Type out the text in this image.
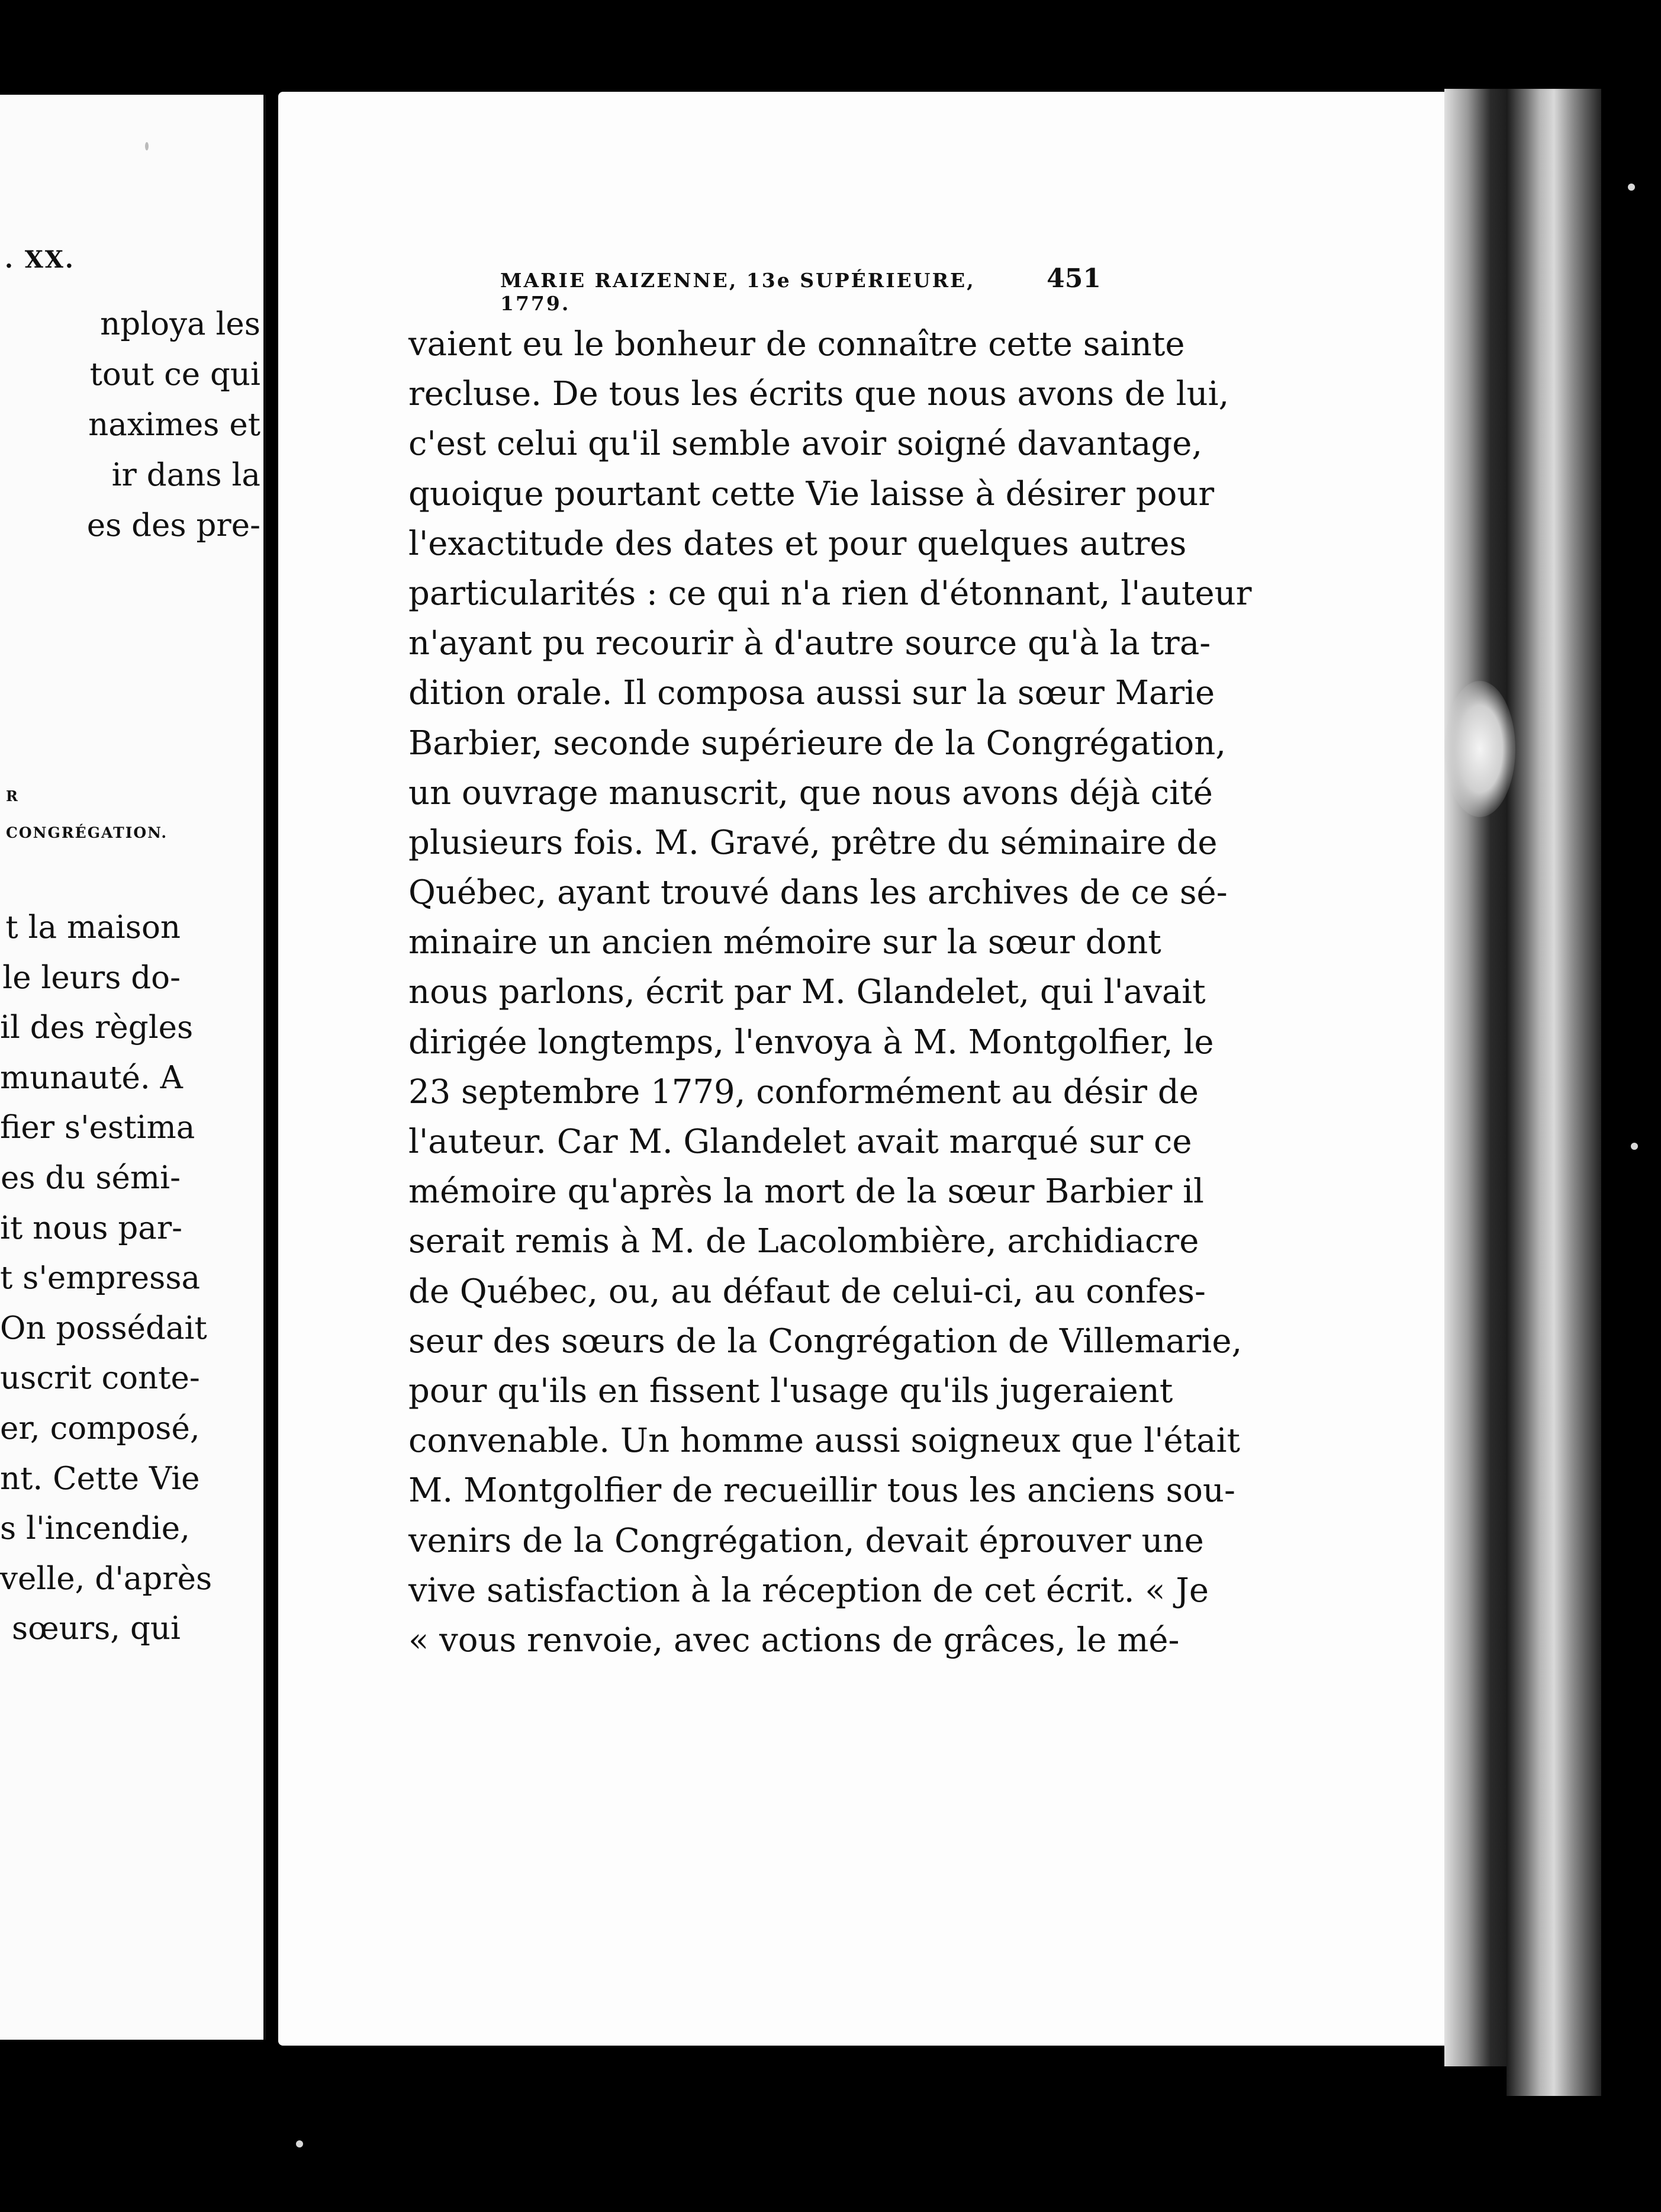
. XX.
nploya les
tout ce qui
naximes et
ir dans la
es des pre-
R
CONGRÉGATION.
t la maison
le leurs do-
il des règles
munauté. A
fier s'estima
es du sémi-
it nous par-
t s'empressa
On possédait
uscrit conte-
er, composé,
nt. Cette Vie
s l'incendie,
velle, d'après
sœurs, qui
MARIE RAIZENNE, 13e SUPÉRIEURE, 1779.
451
vaient eu le bonheur de connaître cette sainte
recluse. De tous les écrits que nous avons de lui,
c'est celui qu'il semble avoir soigné davantage,
quoique pourtant cette Vie laisse à désirer pour
l'exactitude des dates et pour quelques autres
particularités : ce qui n'a rien d'étonnant, l'auteur
n'ayant pu recourir à d'autre source qu'à la tra-
dition orale. Il composa aussi sur la sœur Marie
Barbier, seconde supérieure de la Congrégation,
un ouvrage manuscrit, que nous avons déjà cité
plusieurs fois. M. Gravé, prêtre du séminaire de
Québec, ayant trouvé dans les archives de ce sé-
minaire un ancien mémoire sur la sœur dont
nous parlons, écrit par M. Glandelet, qui l'avait
dirigée longtemps, l'envoya à M. Montgolfier, le
23 septembre 1779, conformément au désir de
l'auteur. Car M. Glandelet avait marqué sur ce
mémoire qu'après la mort de la sœur Barbier il
serait remis à M. de Lacolombière, archidiacre
de Québec, ou, au défaut de celui-ci, au confes-
seur des sœurs de la Congrégation de Villemarie,
pour qu'ils en fissent l'usage qu'ils jugeraient
convenable. Un homme aussi soigneux que l'était
M. Montgolfier de recueillir tous les anciens sou-
venirs de la Congrégation, devait éprouver une
vive satisfaction à la réception de cet écrit. « Je
« vous renvoie, avec actions de grâces, le mé-
